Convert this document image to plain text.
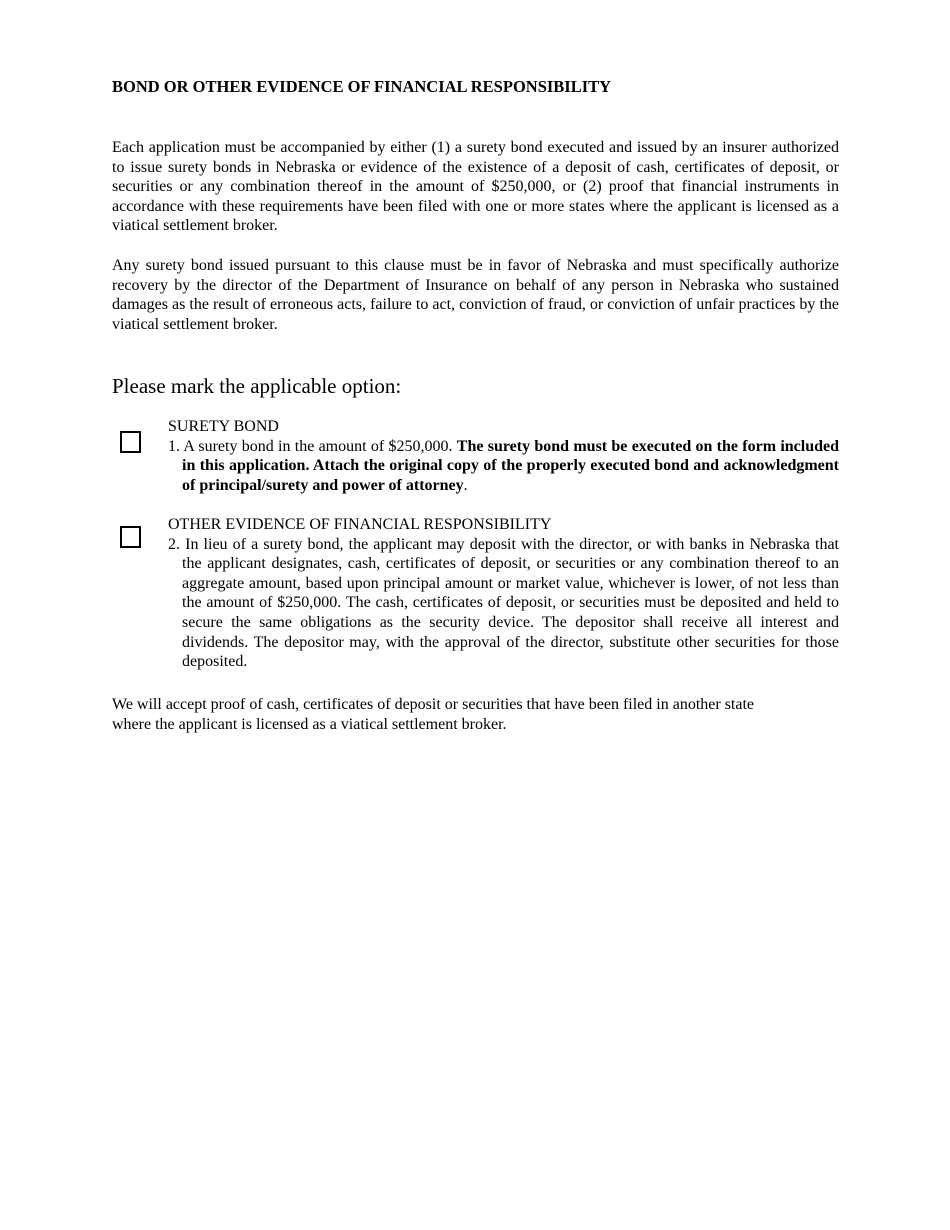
BOND OR OTHER EVIDENCE OF FINANCIAL RESPONSIBILITY

Each application must be accompanied by either (1) a surety bond executed and issued by an insurer authorized to issue surety bonds in Nebraska or evidence of the existence of a deposit of cash, certificates of deposit, or securities or any combination thereof in the amount of $250,000, or (2) proof that financial instruments in accordance with these requirements have been filed with one or more states where the applicant is licensed as a viatical settlement broker.

Any surety bond issued pursuant to this clause must be in favor of Nebraska and must specifically authorize recovery by the director of the Department of Insurance on behalf of any person in Nebraska who sustained damages as the result of erroneous acts, failure to act, conviction of fraud, or conviction of unfair practices by the viatical settlement broker.

Please mark the applicable option:

SURETY BOND

1. A surety bond in the amount of $250,000. The surety bond must be executed on the form included in this application. Attach the original copy of the properly executed bond and acknowledgment of principal/surety and power of attorney.

OTHER EVIDENCE OF FINANCIAL RESPONSIBILITY

2. In lieu of a surety bond, the applicant may deposit with the director, or with banks in Nebraska that the applicant designates, cash, certificates of deposit, or securities or any combination thereof to an aggregate amount, based upon principal amount or market value, whichever is lower, of not less than the amount of $250,000. The cash, certificates of deposit, or securities must be deposited and held to secure the same obligations as the security device. The depositor shall receive all interest and dividends. The depositor may, with the approval of the director, substitute other securities for those deposited.

We will accept proof of cash, certificates of deposit or securities that have been filed in another state
where the applicant is licensed as a viatical settlement broker.
